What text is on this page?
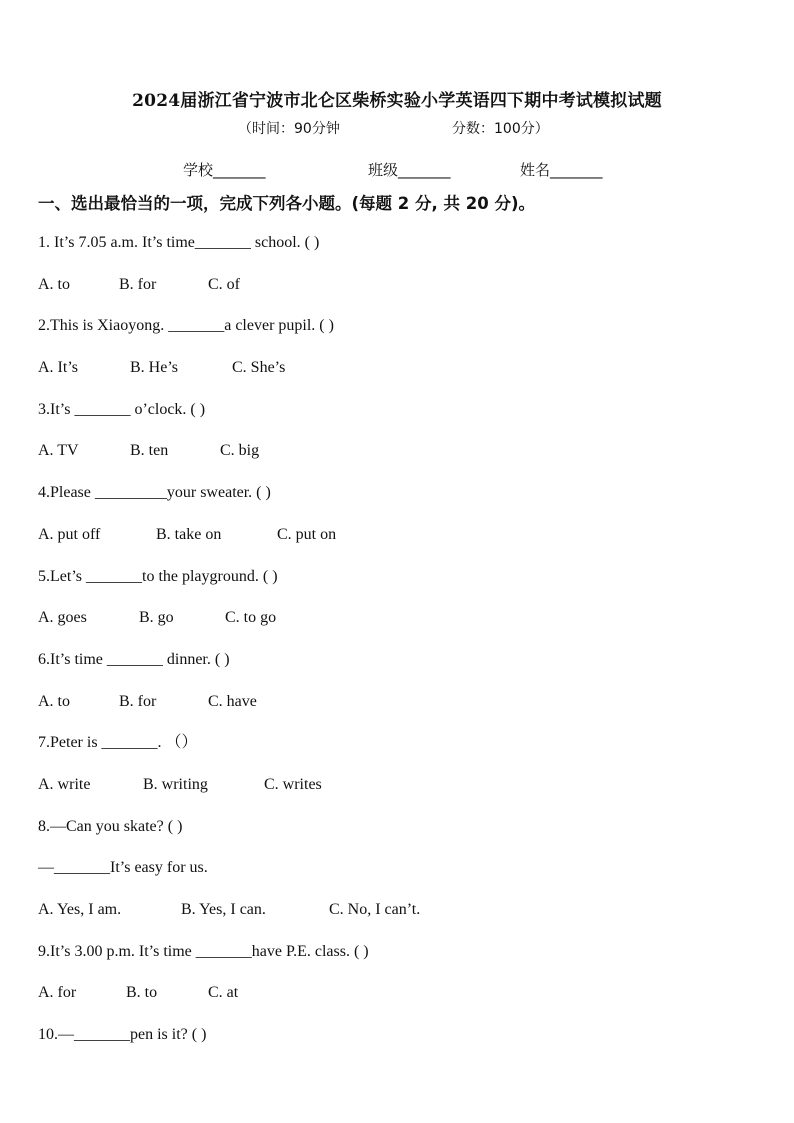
2024届浙江省宁波市北仑区柴桥实验小学英语四下期中考试模拟试题
（时间：90分钟	分数：100分）
学校_______	班级_______	姓名_______
一、选出最恰当的一项，完成下列各小题。(每题 2 分, 共 20 分)。
1. It’s 7.05 a.m. It’s time_______ school. ( )
A. to	B. for	C. of
2.This is Xiaoyong. _______a clever pupil. ( )
A. It’s	B. He’s	C. She’s
3.It’s _______ o’clock. ( )
A. TV	B. ten	C. big
4.Please _________your sweater. ( )
A. put off	B. take on	C. put on
5.Let’s _______to the playground. ( )
A. goes	B. go	C. to go
6.It’s time _______ dinner. ( )
A. to	B. for	C. have
7.Peter is _______. （）
A. write	B. writing	C. writes
8.—Can you skate? ( )
—_______It’s easy for us.
A. Yes, I am.	B. Yes, I can.	C. No, I can’t.
9.It’s 3.00 p.m. It’s time _______have P.E. class. ( )
A. for	B. to	C. at
10.—_______pen is it? ( )
